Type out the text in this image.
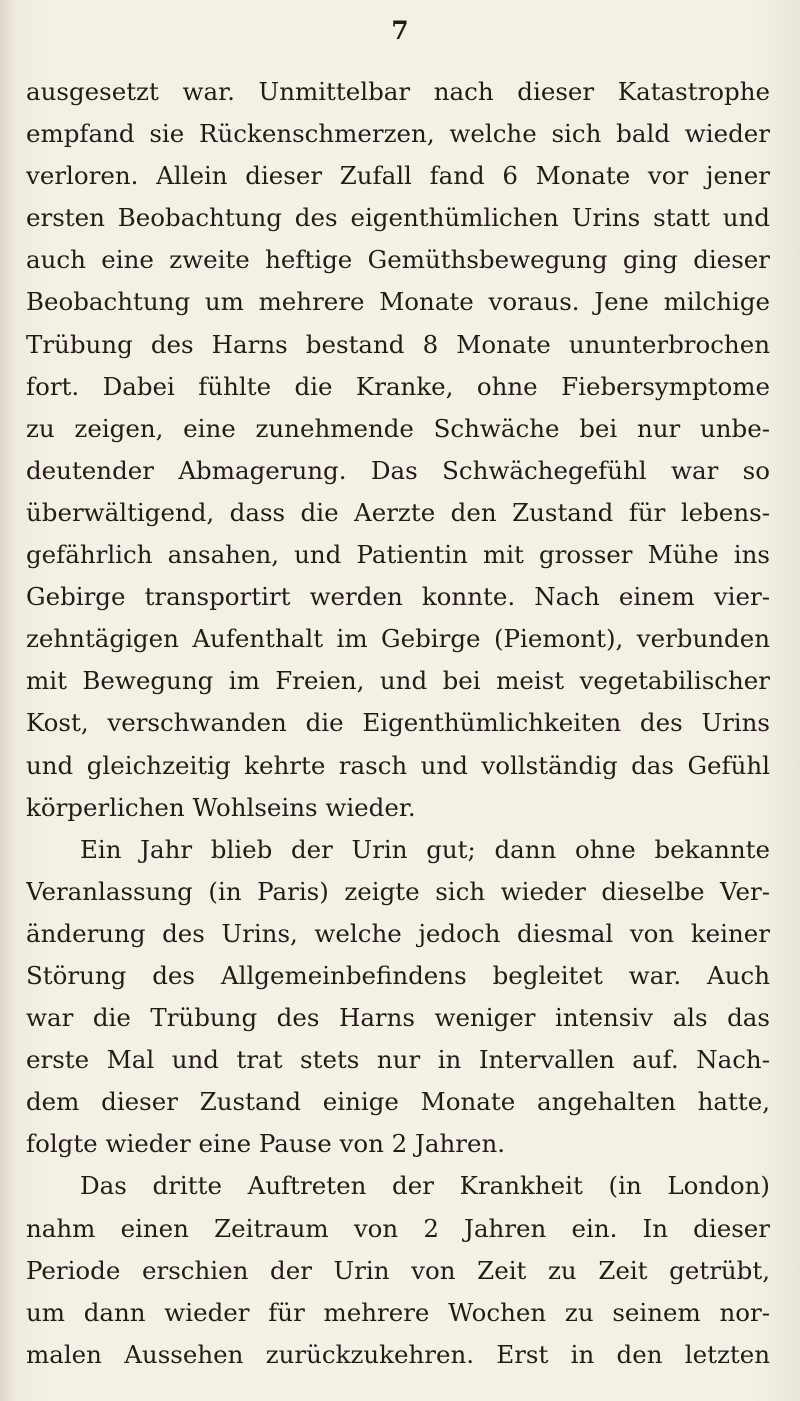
7
ausgesetzt war. Unmittelbar nach dieser Katastrophe
empfand sie Rückenschmerzen, welche sich bald wieder
verloren. Allein dieser Zufall fand 6 Monate vor jener
ersten Beobachtung des eigenthümlichen Urins statt und
auch eine zweite heftige Gemüthsbewegung ging dieser
Beobachtung um mehrere Monate voraus. Jene milchige
Trübung des Harns bestand 8 Monate ununterbrochen
fort. Dabei fühlte die Kranke, ohne Fiebersymptome
zu zeigen, eine zunehmende Schwäche bei nur unbe-
deutender Abmagerung. Das Schwächegefühl war so
überwältigend, dass die Aerzte den Zustand für lebens-
gefährlich ansahen, und Patientin mit grosser Mühe ins
Gebirge transportirt werden konnte. Nach einem vier-
zehntägigen Aufenthalt im Gebirge (Piemont), verbunden
mit Bewegung im Freien, und bei meist vegetabilischer
Kost, verschwanden die Eigenthümlichkeiten des Urins
und gleichzeitig kehrte rasch und vollständig das Gefühl
körperlichen Wohlseins wieder.
Ein Jahr blieb der Urin gut; dann ohne bekannte
Veranlassung (in Paris) zeigte sich wieder dieselbe Ver-
änderung des Urins, welche jedoch diesmal von keiner
Störung des Allgemeinbefindens begleitet war. Auch
war die Trübung des Harns weniger intensiv als das
erste Mal und trat stets nur in Intervallen auf. Nach-
dem dieser Zustand einige Monate angehalten hatte,
folgte wieder eine Pause von 2 Jahren.
Das dritte Auftreten der Krankheit (in London)
nahm einen Zeitraum von 2 Jahren ein. In dieser
Periode erschien der Urin von Zeit zu Zeit getrübt,
um dann wieder für mehrere Wochen zu seinem nor-
malen Aussehen zurückzukehren. Erst in den letzten
